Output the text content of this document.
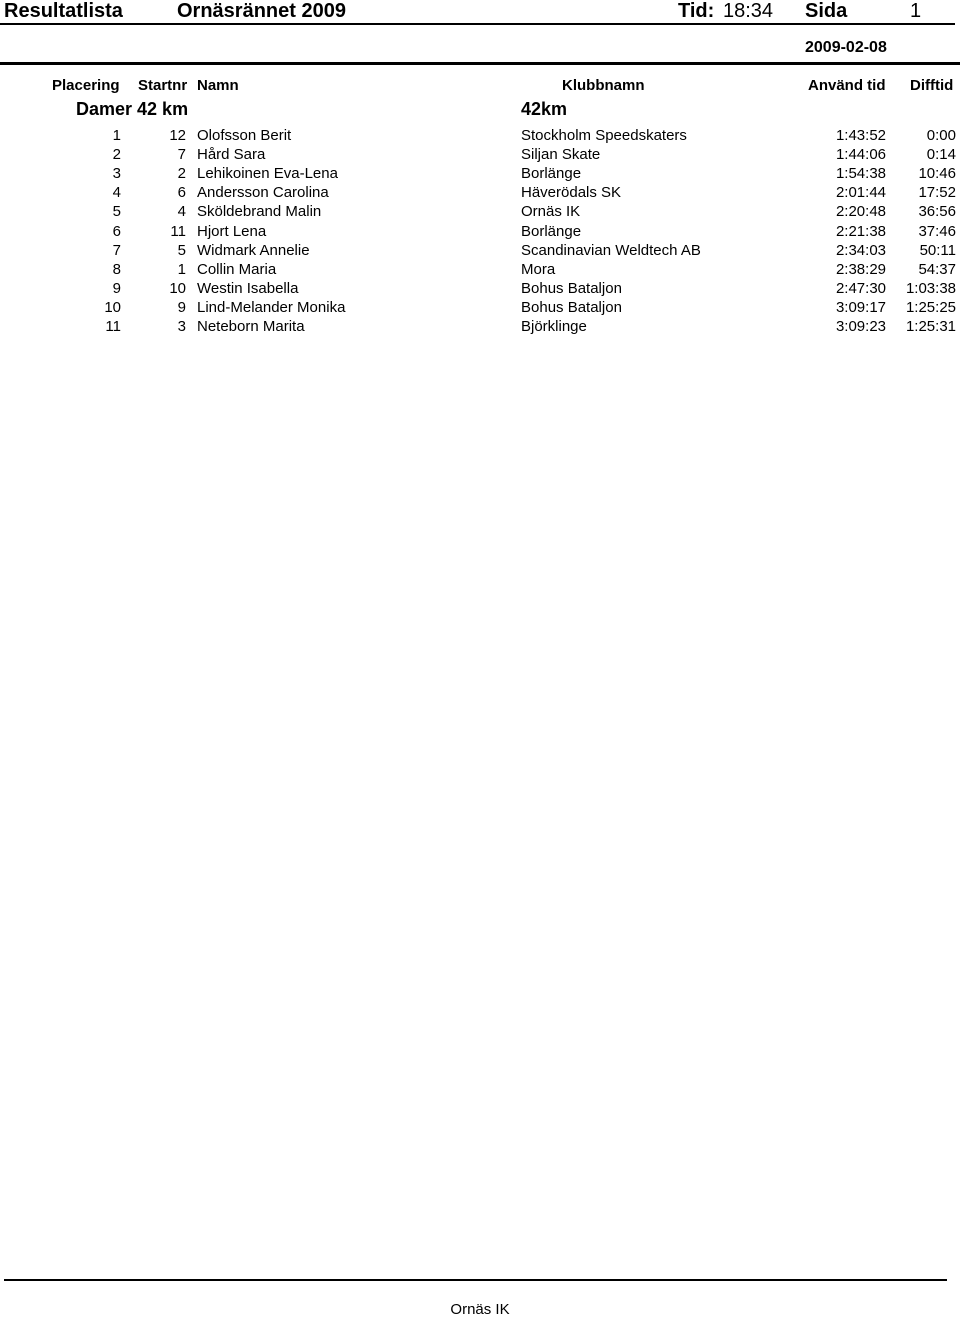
Resultatlista	Ornäsrännet 2009	Tid: 18:34 Sida	1
2009-02-08
Placering Startnr Namn	Klubbnamn	Använd tid Difftid
Damer 42 km	42km
1	12 Olofsson Berit	Stockholm Speedskaters	1:43:52	0:00
2	7 Hård Sara	Siljan Skate	1:44:06	0:14
3	2 Lehikoinen Eva-Lena	Borlänge	1:54:38 10:46
4	6 Andersson Carolina	Häverödals SK	2:01:44 17:52
5	4 Sköldebrand Malin	Ornäs IK	2:20:48 36:56
6	11 Hjort Lena	Borlänge	2:21:38 37:46
7	5 Widmark Annelie	Scandinavian Weldtech AB	2:34:03 50:11
8	1 Collin Maria	Mora	2:38:29 54:37
9	10 Westin Isabella	Bohus Bataljon	2:47:30 1:03:38
10	9 Lind-Melander Monika	Bohus Bataljon	3:09:17 1:25:25
11	3 Neteborn Marita	Björklinge	3:09:23 1:25:31
Ornäs IK
